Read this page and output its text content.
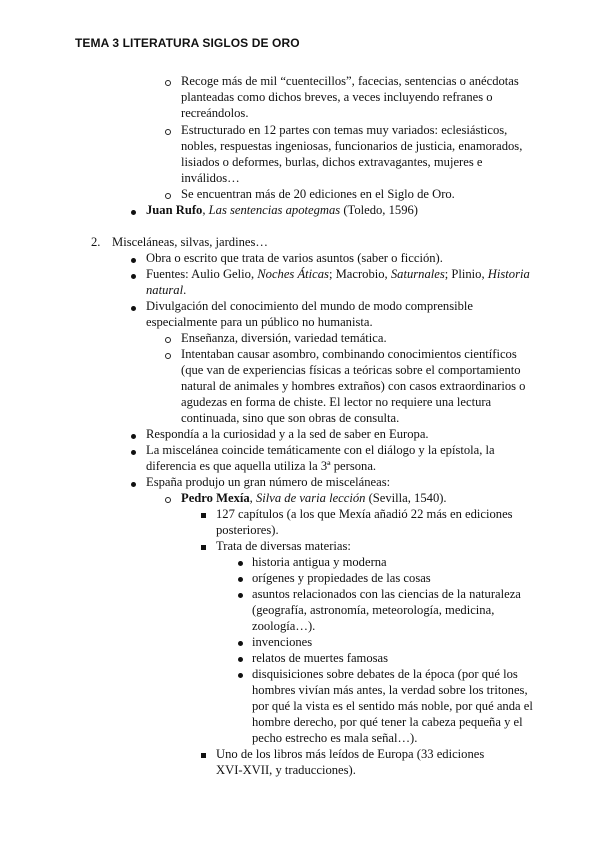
TEMA 3 LITERATURA SIGLOS DE ORO
Recoge más de mil “cuentecillos”, facecias, sentencias o anécdotas
planteadas como dichos breves, a veces incluyendo refranes o
recreándolos.
Estructurado en 12 partes con temas muy variados: eclesiásticos,
nobles, respuestas ingeniosas, funcionarios de justicia, enamorados,
lisiados o deformes, burlas, dichos extravagantes, mujeres e
inválidos…
Se encuentran más de 20 ediciones en el Siglo de Oro.
Juan Rufo, Las sentencias apotegmas (Toledo, 1596)
2. Misceláneas, silvas, jardines…
Obra o escrito que trata de varios asuntos (saber o ficción).
Fuentes: Aulio Gelio, Noches Áticas; Macrobio, Saturnales; Plinio, Historia
natural.
Divulgación del conocimiento del mundo de modo comprensible
especialmente para un público no humanista.
Enseñanza, diversión, variedad temática.
Intentaban causar asombro, combinando conocimientos científicos
(que van de experiencias físicas a teóricas sobre el comportamiento
natural de animales y hombres extraños) con casos extraordinarios o
agudezas en forma de chiste. El lector no requiere una lectura
continuada, sino que son obras de consulta.
Respondía a la curiosidad y a la sed de saber en Europa.
La miscelánea coincide temáticamente con el diálogo y la epístola, la
diferencia es que aquella utiliza la 3ª persona.
España produjo un gran número de misceláneas:
Pedro Mexía, Silva de varia lección (Sevilla, 1540).
127 capítulos (a los que Mexía añadió 22 más en ediciones
posteriores).
Trata de diversas materias:
historia antigua y moderna
orígenes y propiedades de las cosas
asuntos relacionados con las ciencias de la naturaleza
(geografía, astronomía, meteorología, medicina,
zoología…).
invenciones
relatos de muertes famosas
disquisiciones sobre debates de la época (por qué los
hombres vivían más antes, la verdad sobre los tritones,
por qué la vista es el sentido más noble, por qué anda el
hombre derecho, por qué tener la cabeza pequeña y el
pecho estrecho es mala señal…).
Uno de los libros más leídos de Europa (33 ediciones
XVI-XVII, y traducciones).
